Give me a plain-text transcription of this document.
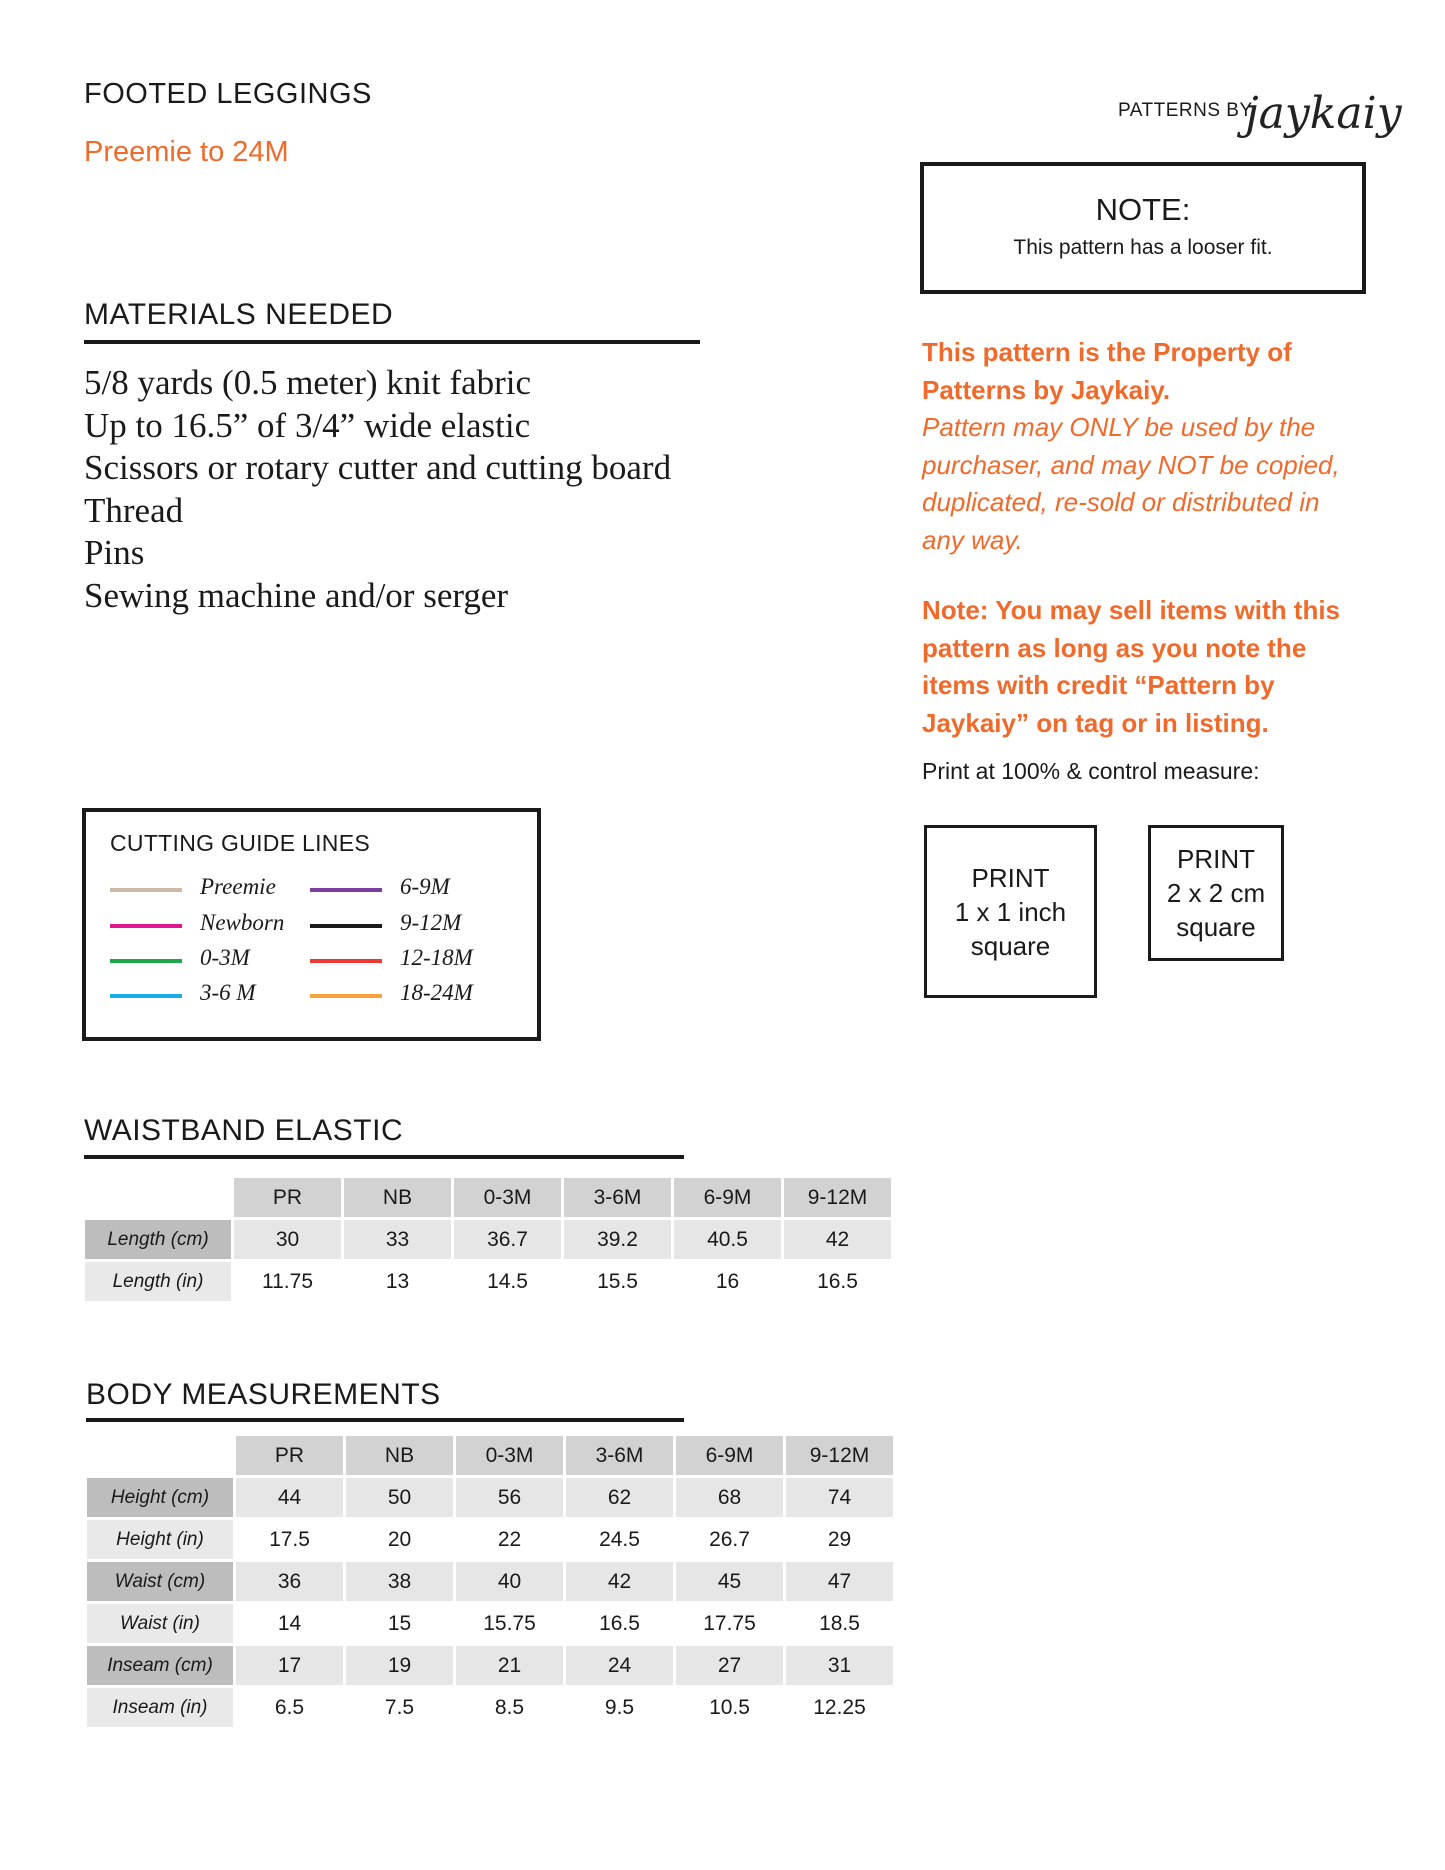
FOOTED LEGGINGS
Preemie to 24M
PATTERNS BY
jaykaiy
NOTE:
This pattern has a looser fit.
MATERIALS NEEDED
5/8 yards (0.5 meter) knit fabric
Up to 16.5” of 3/4” wide elastic
Scissors or rotary cutter and cutting board
Thread
Pins
Sewing machine and/or serger
This pattern is the Property of
Patterns by Jaykaiy.
Pattern may ONLY be used by the
purchaser, and may NOT be copied,
duplicated, re-sold or distributed in
any way.
Note: You may sell items with this
pattern as long as you note the
items with credit “Pattern by
Jaykaiy” on tag or in listing.
Print at 100% & control measure:
PRINT
1 x 1 inch
square
PRINT
2 x 2 cm
square
CUTTING GUIDE LINES
Preemie
Newborn
0-3M
3-6 M
6-9M
9-12M
12-18M
18-24M
WAISTBAND ELASTIC
	PR	NB	0-3M	3-6M	6-9M	9-12M
Length (cm)	30	33	36.7	39.2	40.5	42
Length (in)	11.75	13	14.5	15.5	16	16.5
BODY MEASUREMENTS
	PR	NB	0-3M	3-6M	6-9M	9-12M
Height (cm)	44	50	56	62	68	74
Height (in)	17.5	20	22	24.5	26.7	29
Waist (cm)	36	38	40	42	45	47
Waist (in)	14	15	15.75	16.5	17.75	18.5
Inseam (cm)	17	19	21	24	27	31
Inseam (in)	6.5	7.5	8.5	9.5	10.5	12.25
